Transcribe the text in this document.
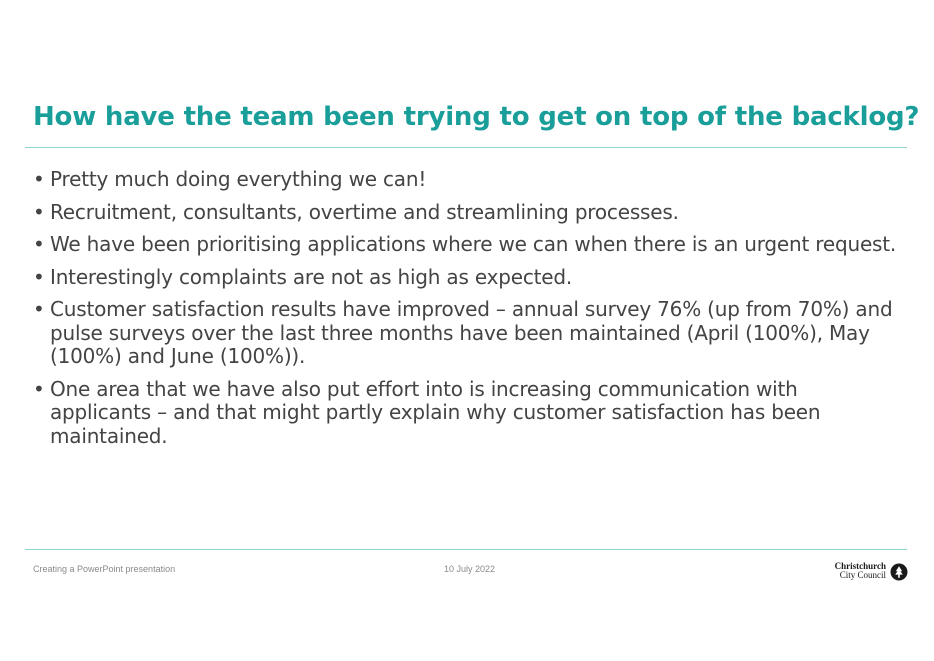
How have the team been trying to get on top of the backlog?
• Pretty much doing everything we can!
• Recruitment, consultants, overtime and streamlining processes.
• We have been prioritising applications where we can when there is an urgent request.
• Interestingly complaints are not as high as expected.
• Customer satisfaction results have improved – annual survey 76% (up from 70%) and pulse surveys over the last three months have been maintained (April (100%), May (100%) and June (100%)).
• One area that we have also put effort into is increasing communication with applicants – and that might partly explain why customer satisfaction has been maintained.
Creating a PowerPoint presentation	10 July 2022	Christchurch
City Council
